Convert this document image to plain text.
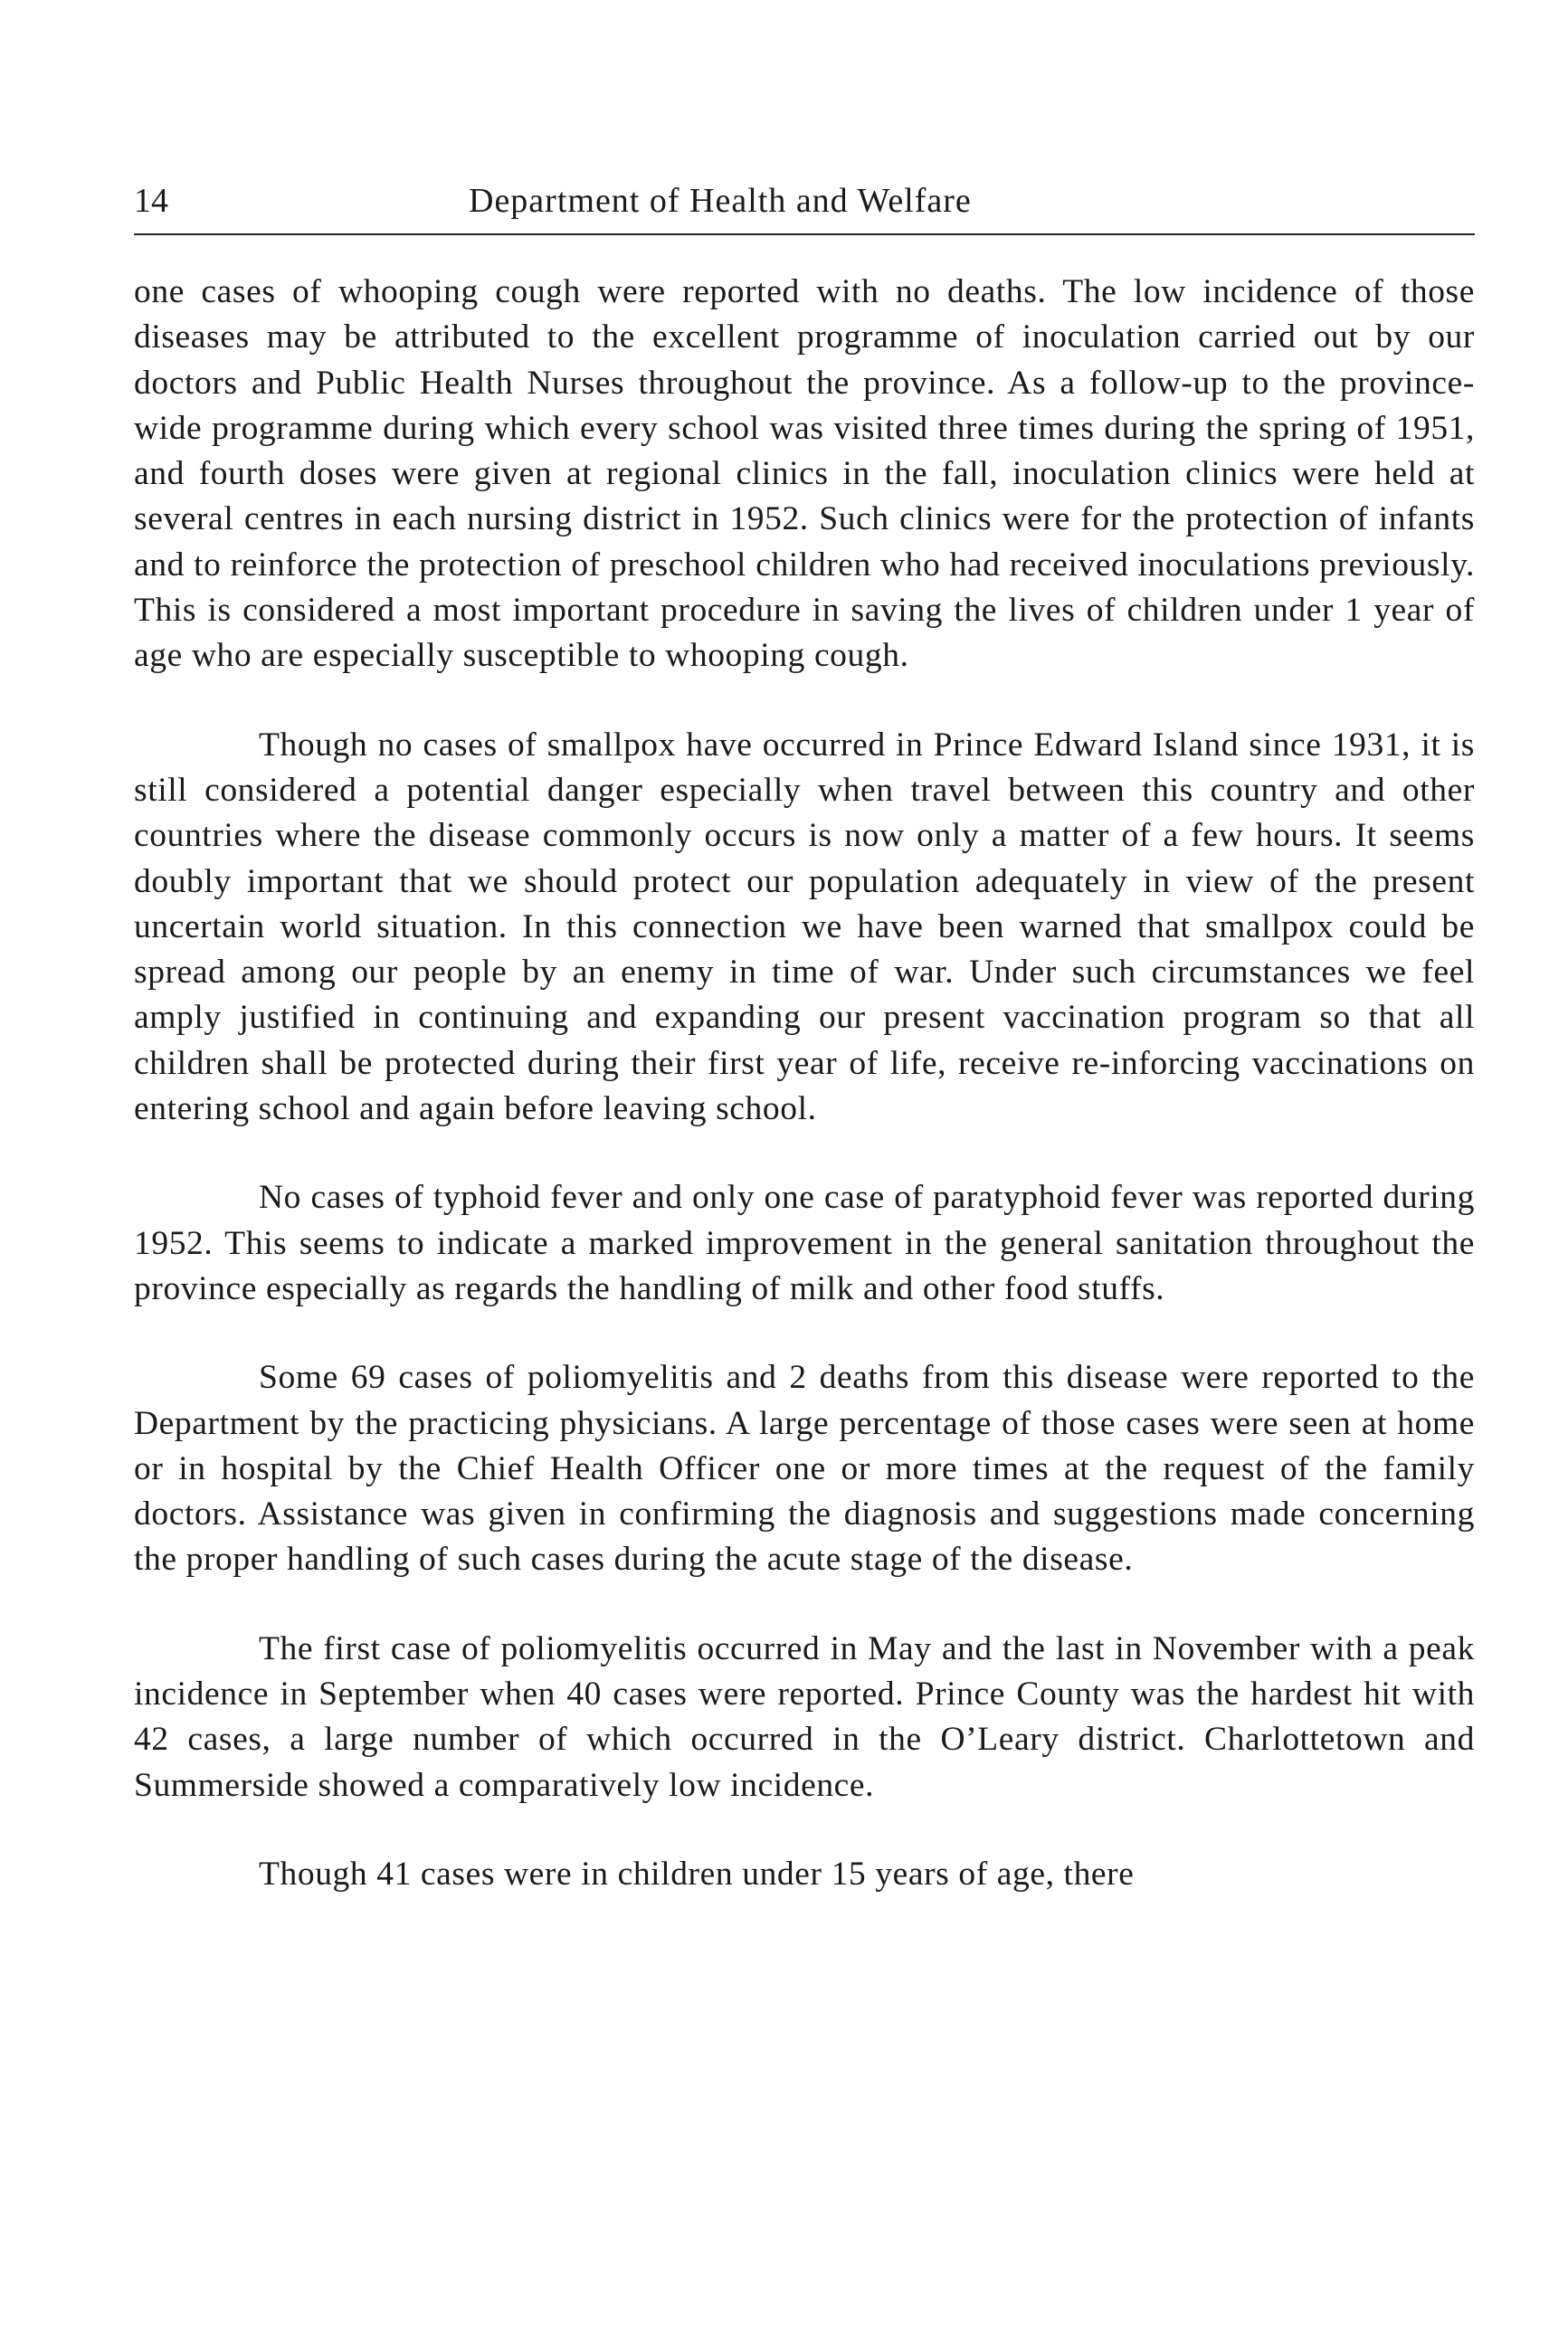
14	Department of Health and Welfare

one cases of whooping cough were reported with no deaths. The low incidence of those diseases may be attributed to the excellent programme of inoculation carried out by our doctors and Public Health Nurses throughout the province. As a follow-up to the province-wide programme during which every school was visited three times during the spring of 1951, and fourth doses were given at regional clinics in the fall, inoculation clinics were held at several centres in each nursing district in 1952. Such clinics were for the protection of infants and to reinforce the protection of preschool children who had received inoculations previously. This is considered a most important procedure in saving the lives of children under 1 year of age who are especially susceptible to whooping cough.

Though no cases of smallpox have occurred in Prince Edward Island since 1931, it is still considered a potential danger especially when travel between this country and other countries where the disease commonly occurs is now only a matter of a few hours. It seems doubly important that we should protect our population adequately in view of the present uncertain world situation. In this connection we have been warned that smallpox could be spread among our people by an enemy in time of war. Under such circumstances we feel amply justified in continuing and expanding our present vaccination program so that all children shall be protected during their first year of life, receive re-inforcing vaccinations on entering school and again before leaving school.

No cases of typhoid fever and only one case of paratyphoid fever was reported during 1952. This seems to indicate a marked improvement in the general sanitation throughout the province especially as regards the handling of milk and other food stuffs.

Some 69 cases of poliomyelitis and 2 deaths from this disease were reported to the Department by the practicing physicians. A large percentage of those cases were seen at home or in hospital by the Chief Health Officer one or more times at the request of the family doctors. Assistance was given in confirming the diagnosis and suggestions made concerning the proper handling of such cases during the acute stage of the disease.

The first case of poliomyelitis occurred in May and the last in November with a peak incidence in September when 40 cases were reported. Prince County was the hardest hit with 42 cases, a large number of which occurred in the O’Leary district. Charlottetown and Summerside showed a comparatively low incidence.

Though 41 cases were in children under 15 years of age, there
